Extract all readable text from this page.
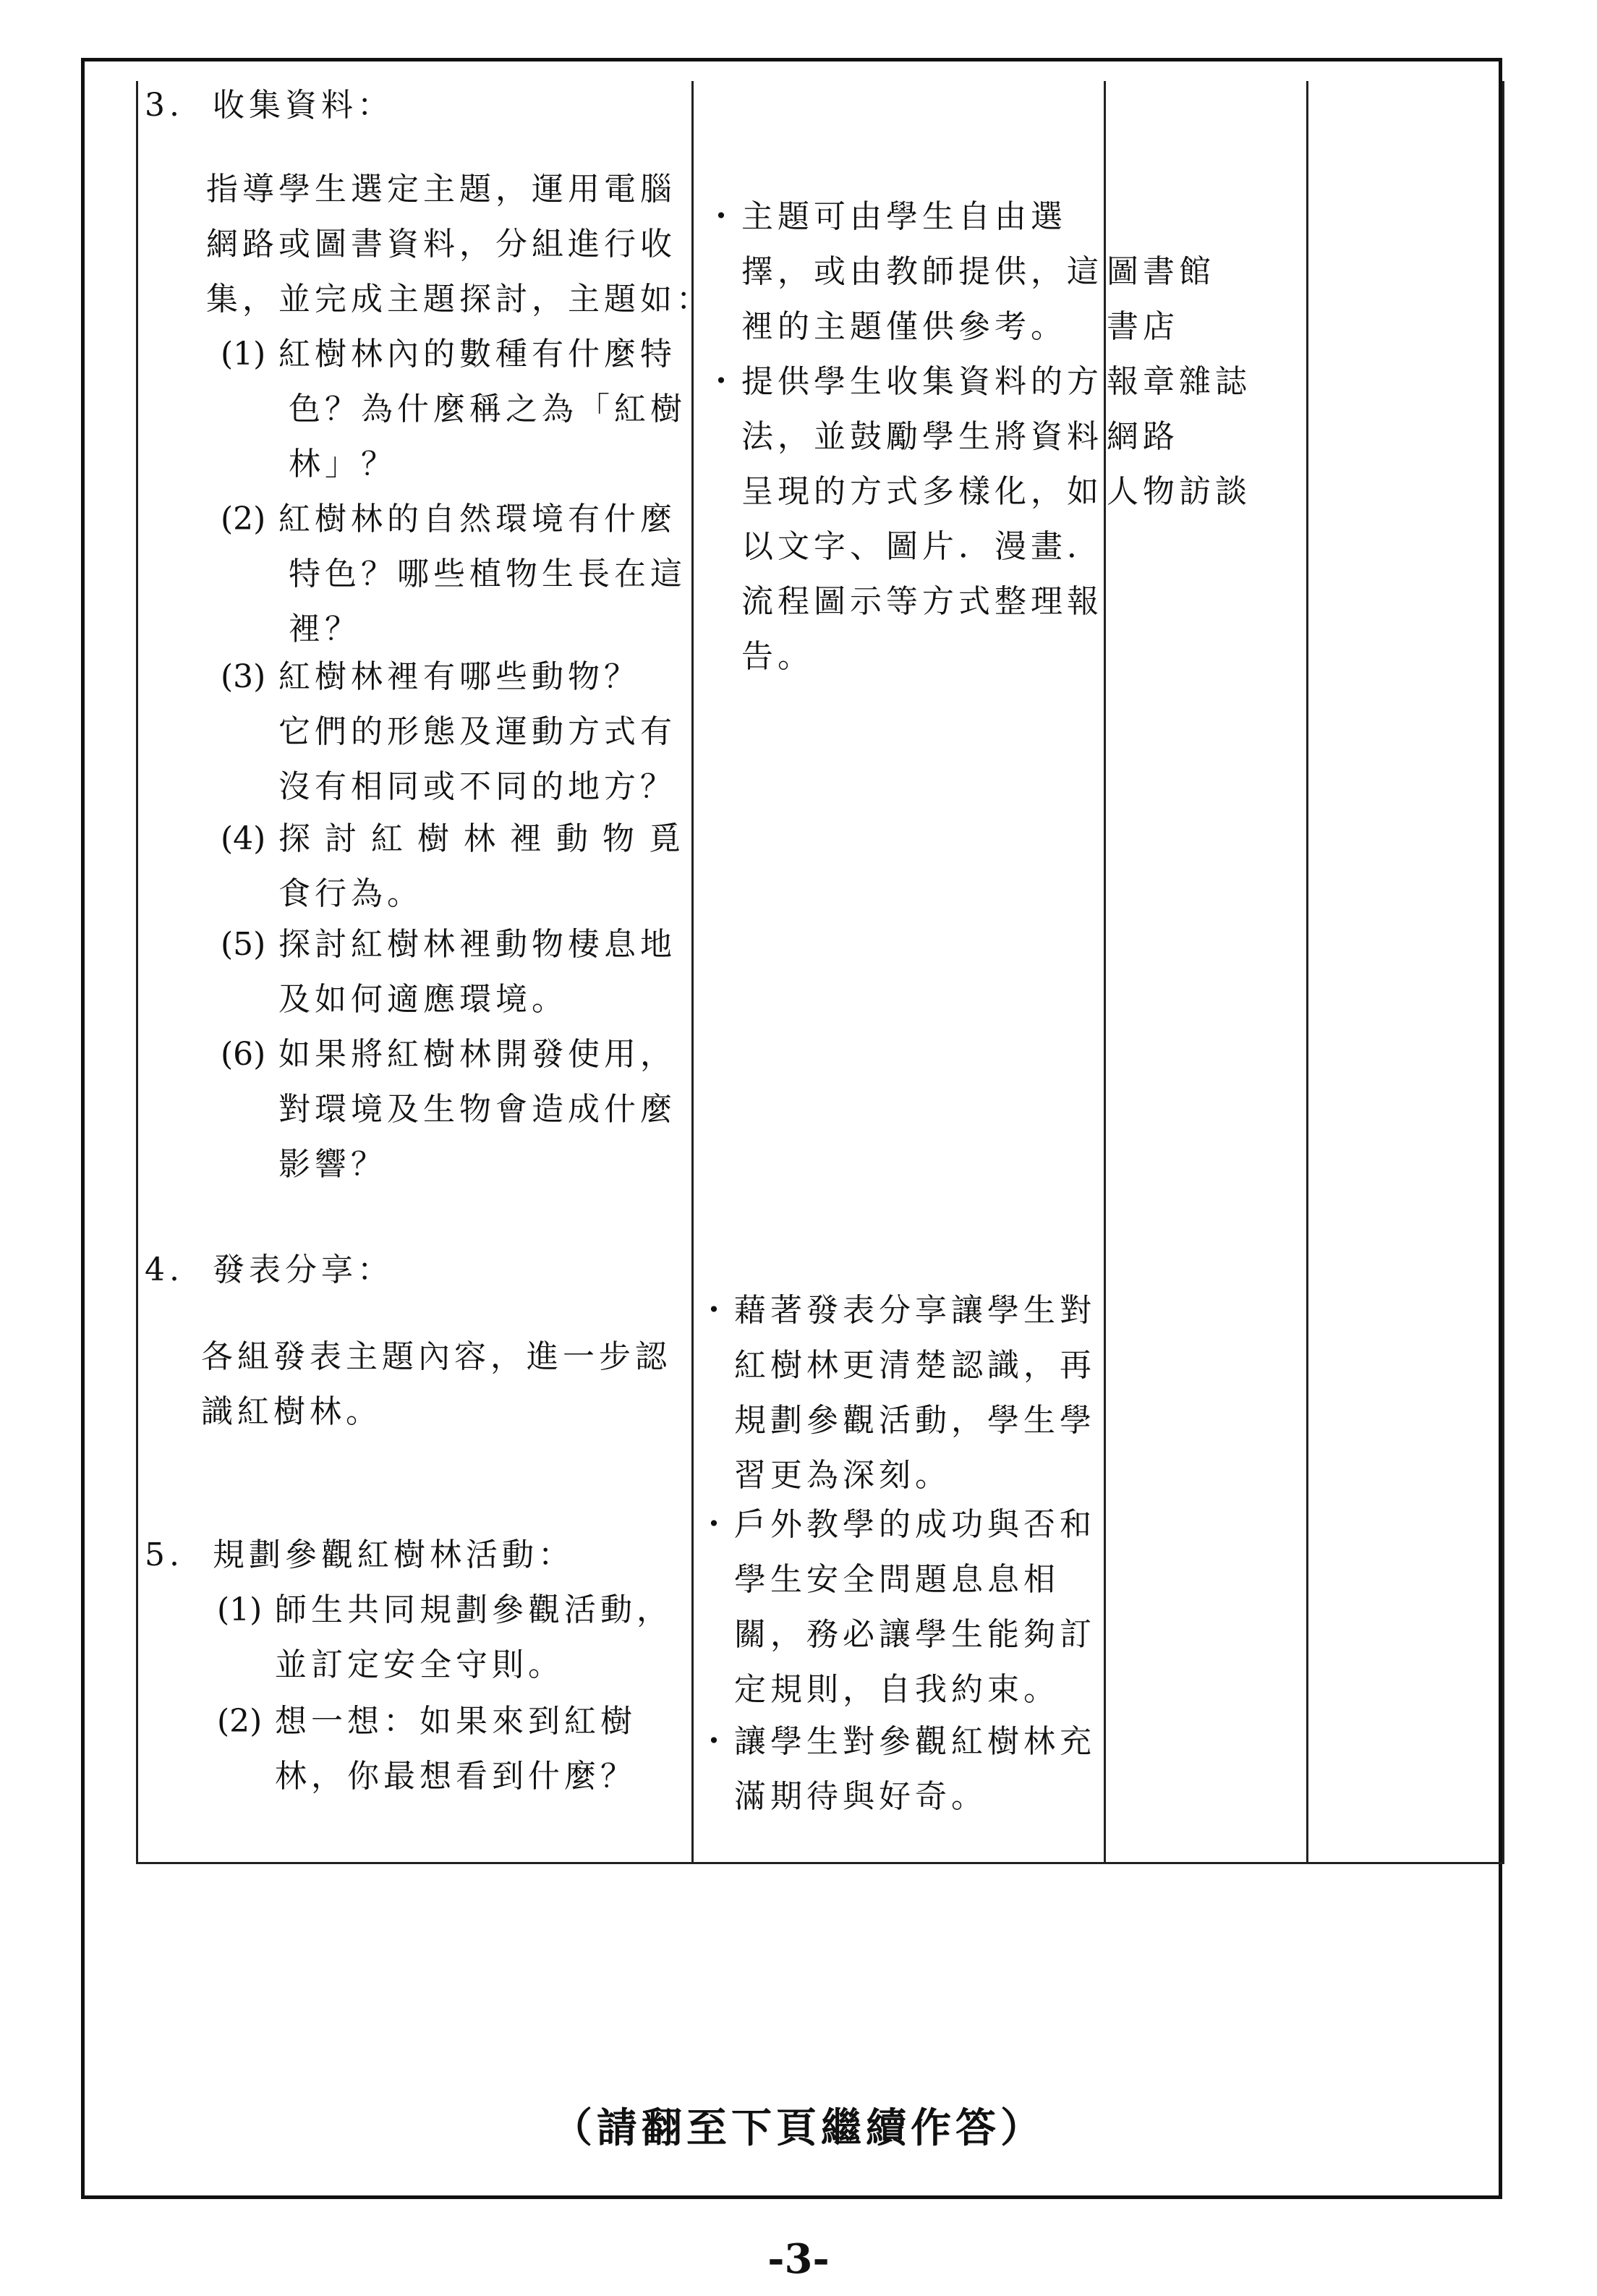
3.  收集資料：
指導學生選定主題，運用電腦
網路或圖書資料，分組進行收
集，並完成主題探討，主題如：
(1) 紅樹林內的數種有什麼特
色？為什麼稱之為「紅樹
林」？
(2) 紅樹林的自然環境有什麼
特色？哪些植物生長在這
裡？
(3) 紅樹林裡有哪些動物？
它們的形態及運動方式有
沒有相同或不同的地方？
(4) 探討紅樹林裡動物覓
食行為。
(5) 探討紅樹林裡動物棲息地
及如何適應環境。
(6) 如果將紅樹林開發使用，
對環境及生物會造成什麼
影響？
・ 主題可由學生自由選
擇，或由教師提供，這
裡的主題僅供參考。
・ 提供學生收集資料的方
法，並鼓勵學生將資料
呈現的方式多樣化，如
以文字、圖片．漫畫．
流程圖示等方式整理報
告。
圖書館
書店
報章雜誌
網路
人物訪談
4.  發表分享：
各組發表主題內容，進一步認
識紅樹林。
・ 藉著發表分享讓學生對
紅樹林更清楚認識，再
規劃參觀活動，學生學
習更為深刻。
5.  規劃參觀紅樹林活動：
(1) 師生共同規劃參觀活動，
並訂定安全守則。
(2) 想一想：如果來到紅樹
林，你最想看到什麼？
・ 戶外教學的成功與否和
學生安全問題息息相
關，務必讓學生能夠訂
定規則，自我約束。
・ 讓學生對參觀紅樹林充
滿期待與好奇。
（請翻至下頁繼續作答）
-3-
